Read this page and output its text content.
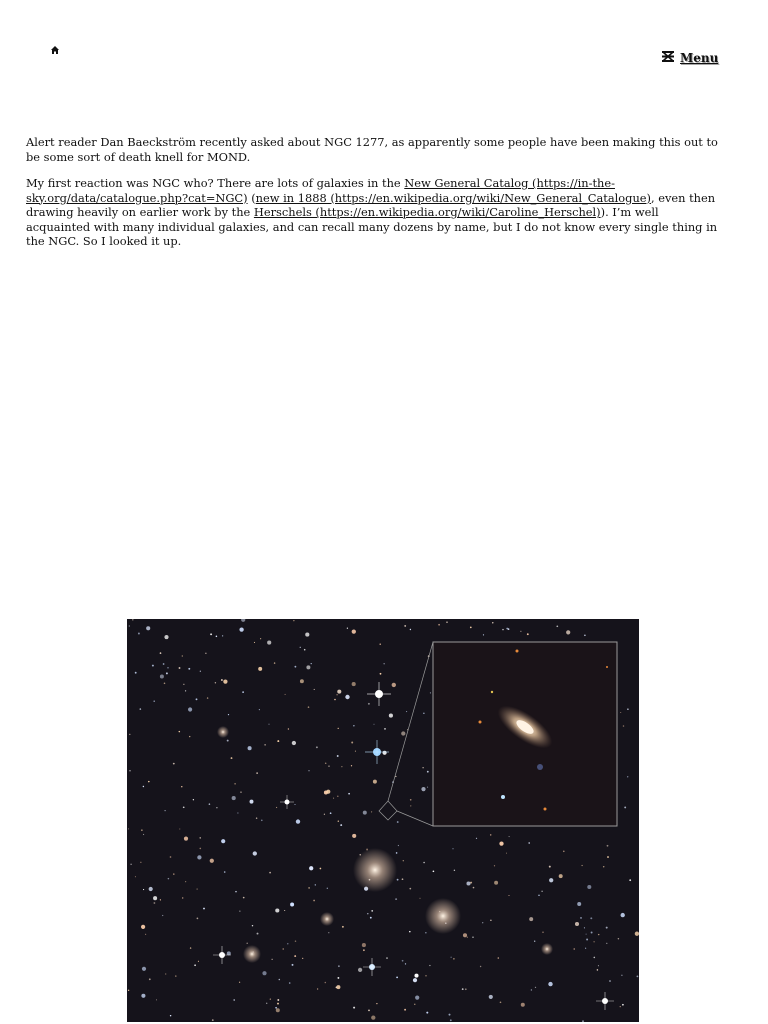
Menu

Alert reader Dan Baeckström recently asked about NGC 1277, as apparently some people have been making this out to be some sort of death knell for MOND.

My first reaction was NGC who? There are lots of galaxies in the New General Catalog (https://in-the-sky.org/data/catalogue.php?cat=NGC) (new in 1888 (https://en.wikipedia.org/wiki/New_General_Catalogue), even then drawing heavily on earlier work by the Herschels (https://en.wikipedia.org/wiki/Caroline_Herschel)). I’m well acquainted with many individual galaxies, and can recall many dozens by name, but I do not know every single thing in the NGC. So I looked it up.
